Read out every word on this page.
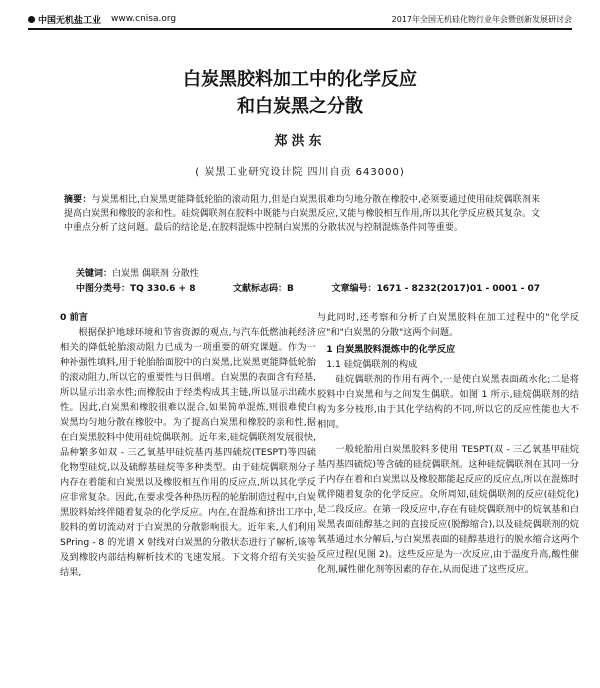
中国无机盐工业 www.cnisa.org	2017年全国无机硅化物行业年会暨创新发展研讨会
白炭黑胶料加工中的化学反应
和白炭黑之分散
郑洪东
( 炭黑工业研究设计院 四川自贡 643000)
摘要：与炭黑相比,白炭黑更能降低轮胎的滚动阻力,但是白炭黑很难均匀地分散在橡胶中,必须要通过使用硅烷偶联剂来提高白炭黑和橡胶的亲和性。硅烷偶联剂在胶料中既能与白炭黑反应,又能与橡胶相互作用,所以其化学反应极其复杂。文中重点分析了这问题。最后的结论是,在胶料混炼中控制白炭黑的分散状况与控制混炼条件同等重要。
关键词：白炭黑 偶联剂 分散性
中图分类号：TQ 330.6 + 8	文献标志码：B	文章编号：1671 - 8232(2017)01 - 0001 - 07

0 前言

根据保护地球环境和节省资源的观点,与汽车低燃油耗经济相关的降低轮胎滚动阻力已成为一项重要的研究课题。作为一种补强性填料,用于轮胎胎面胶中的白炭黑,比炭黑更能降低轮胎的滚动阻力,所以它的重要性与日俱增。白炭黑的表面含有羟基,所以显示出亲水性;而橡胶由于经类构成其主链,所以显示出疏水性。因此,白炭黑和橡胶很难以混合,如果简单混炼,则很难使白炭黑均匀地分散在橡胶中。为了提高白炭黑和橡胶的亲和性,据在白炭黑胶料中使用硅烷偶联剂。近年来,硅烷偶联剂发展很快,品种繁多如双 - 三乙氧基甲硅烷基丙基四硫烷(TESPT)等四硫化物型硅烷,以及硫醇基硅烷等多种类型。由于硅烷偶联剂分子内存在着能和白炭黑以及橡胶相互作用的反应点,所以其化学反应非常复杂。因此,在要求受各种热历程的轮胎制造过程中,白炭黑胶料始终伴随着复杂的化学反应。内在,在混炼和挤出工序中,胶料的剪切流动对于白炭黑的分散影响很大。近年来,人们利用 SPring - 8 的光谱 X 射线对白炭黑的分散状态进行了解析,该等及到橡胶内部结构解析技术的飞速发展。下文将介绍有关实验结果,

与此同时,还考察和分析了白炭黑胶料在加工过程中的"化学反应"和"白炭黑的分散"这两个问题。

1 白炭黑胶料混炼中的化学反应

1.1 硅烷偶联剂的构成

硅烷偶联剂的作用有两个,一是使白炭黑表面疏水化;二是将胶料中白炭黑和与之间发生偶联。如图 1 所示,硅烷偶联剂的结构为多分枝形,由于其化学结构的不同,所以它的反应性能也大不相同。

一般轮胎用白炭黑胶料多使用 TESPT(双 - 三乙氧基甲硅烷基丙基四硫烷)等含硫的硅烷偶联剂。这种硅烷偶联剂在其同一分子内存在着和白炭黑以及橡胶都能起反应的反应点,所以在混炼时就伴随着复杂的化学反应。众所周知,硅烷偶联剂的反应(硅烷化)是二段反应。在第一段反应中,存在有硅烷偶联剂中的烷氧基和白炭黑表面硅醇基之间的直接反应(脱醇缩合),以及硅烷偶联剂的烷氧基通过水分解后,与白炭黑表面的硅醇基进行的脱水缩合这两个反应过程(见图 2)。这些反应是为一次反应,由于温度升高,酸性催化剂,碱性催化剂等因素的存在,从而促进了这些反应。
